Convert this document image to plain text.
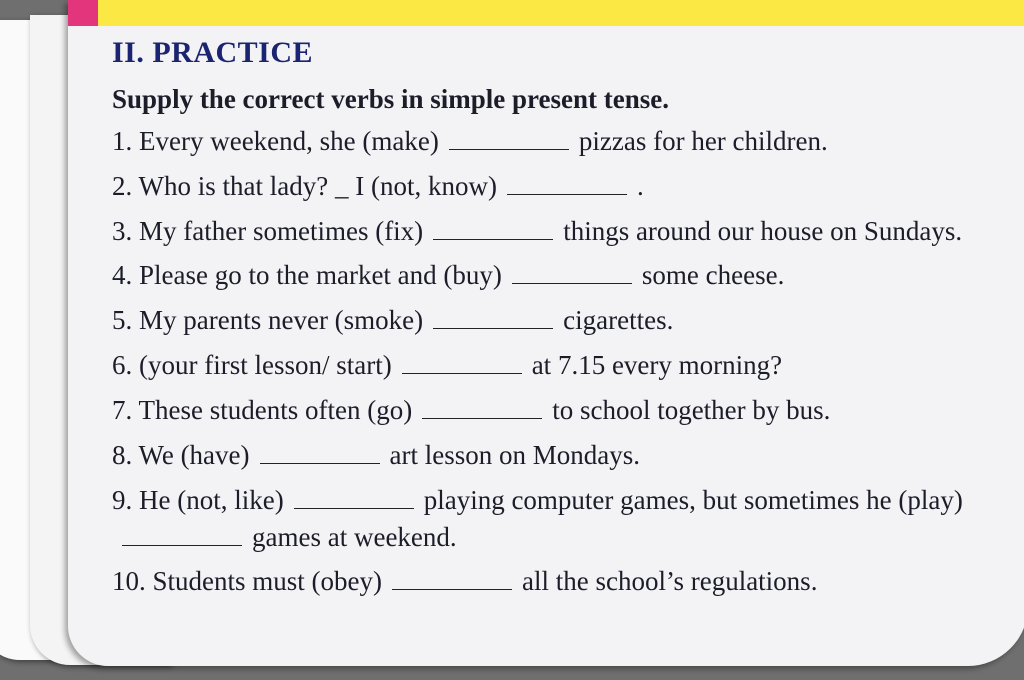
II. PRACTICE
Supply the correct verbs in simple present tense.
1. Every weekend, she (make)	pizzas for her children.
2. Who is that lady? _ I (not, know)	.
3. My father sometimes (fix)	things around our house on Sundays.
4. Please go to the market and (buy)	some cheese.
5. My parents never (smoke)	cigarettes.
6. (your first lesson/ start)	at 7.15 every morning?
7. These students often (go)	to school together by bus.
8. We (have)	art lesson on Mondays.
9. He (not, like)	playing computer games, but sometimes he (play)games at weekend.
10. Students must (obey)	all the school’s regulations.
